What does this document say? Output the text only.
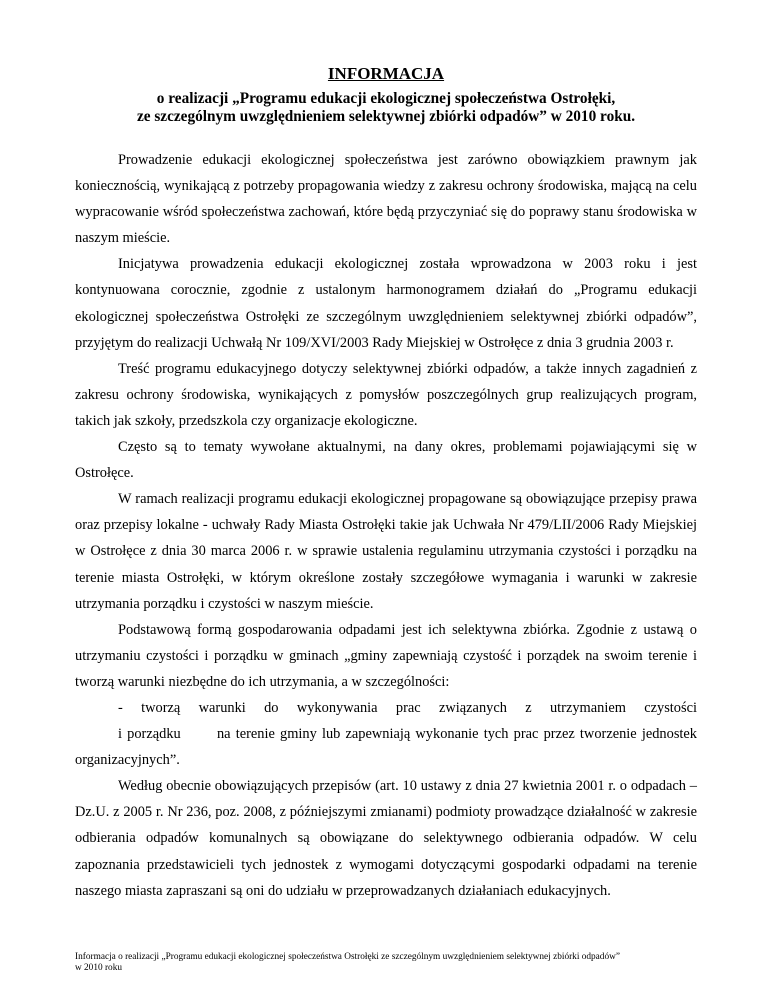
INFORMACJA
o realizacji „Programu edukacji ekologicznej społeczeństwa Ostrołęki,
ze szczególnym uwzględnieniem selektywnej zbiórki odpadów” w 2010 roku.

Prowadzenie edukacji ekologicznej społeczeństwa jest zarówno obowiązkiem prawnym jak koniecznością, wynikającą z potrzeby propagowania wiedzy z zakresu ochrony środowiska, mającą na celu wypracowanie wśród społeczeństwa zachowań, które będą przyczyniać się do poprawy stanu środowiska w naszym mieście.

Inicjatywa prowadzenia edukacji ekologicznej została wprowadzona w 2003 roku i jest kontynuowana corocznie, zgodnie z ustalonym harmonogramem działań do „Programu edukacji ekologicznej społeczeństwa Ostrołęki ze szczególnym uwzględnieniem selektywnej zbiórki odpadów”, przyjętym do realizacji Uchwałą Nr 109/XVI/2003 Rady Miejskiej w Ostrołęce z dnia 3 grudnia 2003 r.

Treść programu edukacyjnego dotyczy selektywnej zbiórki odpadów, a także innych zagadnień z zakresu ochrony środowiska, wynikających z pomysłów poszczególnych grup realizujących program, takich jak szkoły, przedszkola czy organizacje ekologiczne.

Często są to tematy wywołane aktualnymi, na dany okres, problemami pojawiającymi się w Ostrołęce.

W ramach realizacji programu edukacji ekologicznej propagowane są obowiązujące przepisy prawa oraz przepisy lokalne - uchwały Rady Miasta Ostrołęki takie jak Uchwała Nr 479/LII/2006 Rady Miejskiej w Ostrołęce z dnia 30 marca 2006 r. w sprawie ustalenia regulaminu utrzymania czystości i porządku na terenie miasta Ostrołęki, w którym określone zostały szczegółowe wymagania i warunki w zakresie utrzymania porządku i czystości w naszym mieście.

Podstawową formą gospodarowania odpadami jest ich selektywna zbiórka. Zgodnie z ustawą o utrzymaniu czystości i porządku w gminach „gminy zapewniają czystość i porządek na swoim terenie i tworzą warunki niezbędne do ich utrzymania, a w szczególności:

- tworzą warunki do wykonywania prac związanych z utrzymaniem czystości

i porządku	na terenie gminy lub zapewniają wykonanie tych prac przez tworzenie jednostek organizacyjnych”.

Według obecnie obowiązujących przepisów (art. 10 ustawy z dnia 27 kwietnia 2001 r. o odpadach – Dz.U. z 2005 r. Nr 236, poz. 2008, z późniejszymi zmianami) podmioty prowadzące działalność w zakresie odbierania odpadów komunalnych są obowiązane do selektywnego odbierania odpadów. W celu zapoznania przedstawicieli tych jednostek z wymogami dotyczącymi gospodarki odpadami na terenie naszego miasta zapraszani są oni do udziału w przeprowadzanych działaniach edukacyjnych.

Informacja o realizacji „Programu edukacji ekologicznej społeczeństwa Ostrołęki ze szczególnym uwzględnieniem selektywnej zbiórki odpadów”
w 2010 roku
